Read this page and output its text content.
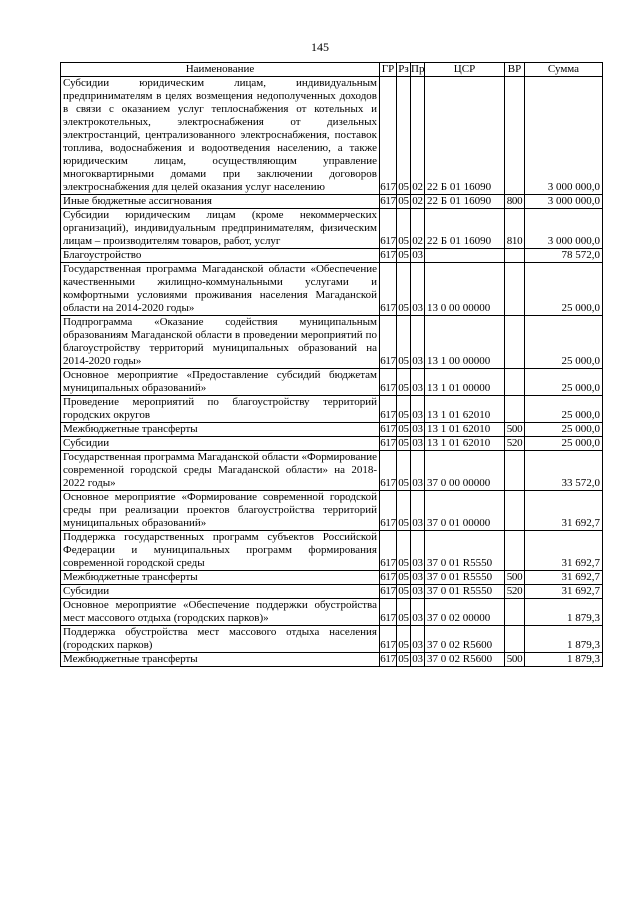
145
Наименование	ГР	Рз	Пр	ЦСР	ВР	Сумма
Субсидии юридическим лицам, индивидуальным предпринимателям в целях возмещения недополученных доходов в связи с оказанием услуг теплоснабжения от котельных и электрокотельных, электроснабжения от дизельных электростанций, централизованного электроснабжения, поставок топлива, водоснабжения и водоотведения населению, а также юридическим лицам, осуществляющим управление многоквартирными домами при заключении договоров электроснабжения для целей оказания услуг населению	617	05	02	22 Б 01 16090		3 000 000,0
Иные бюджетные ассигнования	617	05	02	22 Б 01 16090	800	3 000 000,0
Субсидии юридическим лицам (кроме некоммерческих организаций), индивидуальным предпринимателям, физическим лицам – производителям товаров, работ, услуг	617	05	02	22 Б 01 16090	810	3 000 000,0
Благоустройство	617	05	03			78 572,0
Государственная программа Магаданской области «Обеспечение качественными жилищно-коммунальными услугами и комфортными условиями проживания населения Магаданской области на 2014-2020 годы»	617	05	03	13 0 00 00000		25 000,0
Подпрограмма «Оказание содействия муниципальным образованиям Магаданской области в проведении мероприятий по благоустройству территорий муниципальных образований на 2014-2020 годы»	617	05	03	13 1 00 00000		25 000,0
Основное мероприятие «Предоставление субсидий бюджетам муниципальных образований»	617	05	03	13 1 01 00000		25 000,0
Проведение мероприятий по благоустройству территорий городских округов	617	05	03	13 1 01 62010		25 000,0
Межбюджетные трансферты	617	05	03	13 1 01 62010	500	25 000,0
Субсидии	617	05	03	13 1 01 62010	520	25 000,0
Государственная программа Магаданской области «Формирование современной городской среды Магаданской области» на 2018-2022 годы»	617	05	03	37 0 00 00000		33 572,0
Основное мероприятие «Формирование современной городской среды при реализации проектов благоустройства территорий муниципальных образований»	617	05	03	37 0 01 00000		31 692,7
Поддержка государственных программ субъектов Российской Федерации и муниципальных программ формирования современной городской среды	617	05	03	37 0 01 R5550		31 692,7
Межбюджетные трансферты	617	05	03	37 0 01 R5550	500	31 692,7
Субсидии	617	05	03	37 0 01 R5550	520	31 692,7
Основное мероприятие «Обеспечение поддержки обустройства мест массового отдыха (городских парков)»	617	05	03	37 0 02 00000		1 879,3
Поддержка обустройства мест массового отдыха населения (городских парков)	617	05	03	37 0 02 R5600		1 879,3
Межбюджетные трансферты	617	05	03	37 0 02 R5600	500	1 879,3
